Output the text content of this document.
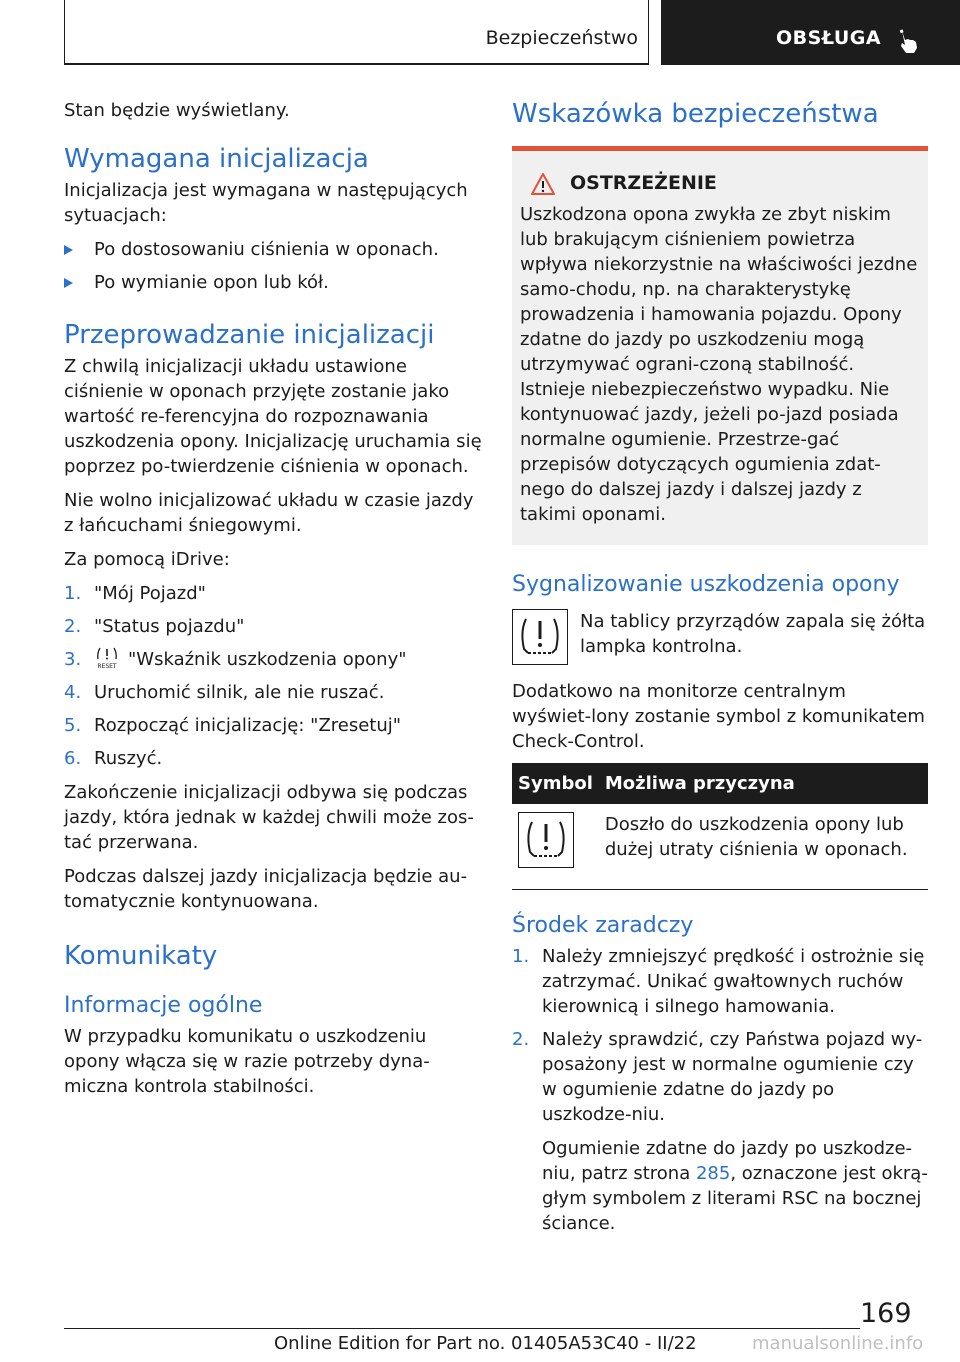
Bezpieczeństwo	OBSŁUGA

Stan będzie wyświetlany.

Wymagana inicjalizacja

Inicjalizacja jest wymagana w następujących sytuacjach:

Po dostosowaniu ciśnienia w oponach.
Po wymianie opon lub kół.
Przeprowadzanie inicjalizacji

Z chwilą inicjalizacji układu ustawione ciśnienie w oponach przyjęte zostanie jako wartość re-ferencyjna do rozpoznawania uszkodzenia opony. Inicjalizację uruchamia się poprzez po-twierdzenie ciśnienia w oponach.

Nie wolno inicjalizować układu w czasie jazdy z łańcuchami śniegowymi.

Za pomocą iDrive:

1. "Mój Pojazd"
2. "Status pojazdu"
3.	RESET "Wskaźnik uszkodzenia opony"
4. Uruchomić silnik, ale nie ruszać.
5. Rozpocząć inicjalizację: "Zresetuj"
6. Ruszyć.

Zakończenie inicjalizacji odbywa się podczas jazdy, która jednak w każdej chwili może zos-tać przerwana.

Podczas dalszej jazdy inicjalizacja będzie au-tomatycznie kontynuowana.

Komunikaty
Informacje ogólne

W przypadku komunikatu o uszkodzeniu opony włącza się w razie potrzeby dyna-miczna kontrola stabilności.

Wskazówka bezpieczeństwa
OSTRZEŻENIE

Uszkodzona opona zwykła ze zbyt niskim lub brakującym ciśnieniem powietrza wpływa niekorzystnie na właściwości jezdne samo-chodu, np. na charakterystykę prowadzenia i hamowania pojazdu. Opony zdatne do jazdy po uszkodzeniu mogą utrzymywać ograni-czoną stabilność. Istnieje niebezpieczeństwo wypadku. Nie kontynuować jazdy, jeżeli po-jazd posiada normalne ogumienie. Przestrze-gać przepisów dotyczących ogumienia zdat-nego do dalszej jazdy i dalszej jazdy z takimi oponami.

Sygnalizowanie uszkodzenia opony
Na tablicy przyrządów zapala się żółta lampka kontrolna.

Dodatkowo na monitorze centralnym wyświet-lony zostanie symbol z komunikatem Check-Control.

Symbol	Możliwa przyczyna
	Doszło do uszkodzenia opony lub dużej utraty ciśnienia w oponach.
Środek zaradczy
1. Należy zmniejszyć prędkość i ostrożnie się zatrzymać. Unikać gwałtownych ruchów kierownicą i silnego hamowania.
2. Należy sprawdzić, czy Państwa pojazd wy-posażony jest w normalne ogumienie czy w ogumienie zdatne do jazdy po uszkodze-niu.
Ogumienie zdatne do jazdy po uszkodze-niu, patrz strona 285, oznaczone jest okrą-głym symbolem z literami RSC na bocznej ściance.
169
Online Edition for Part no. 01405A53C40 - II/22	manualsonline.info
